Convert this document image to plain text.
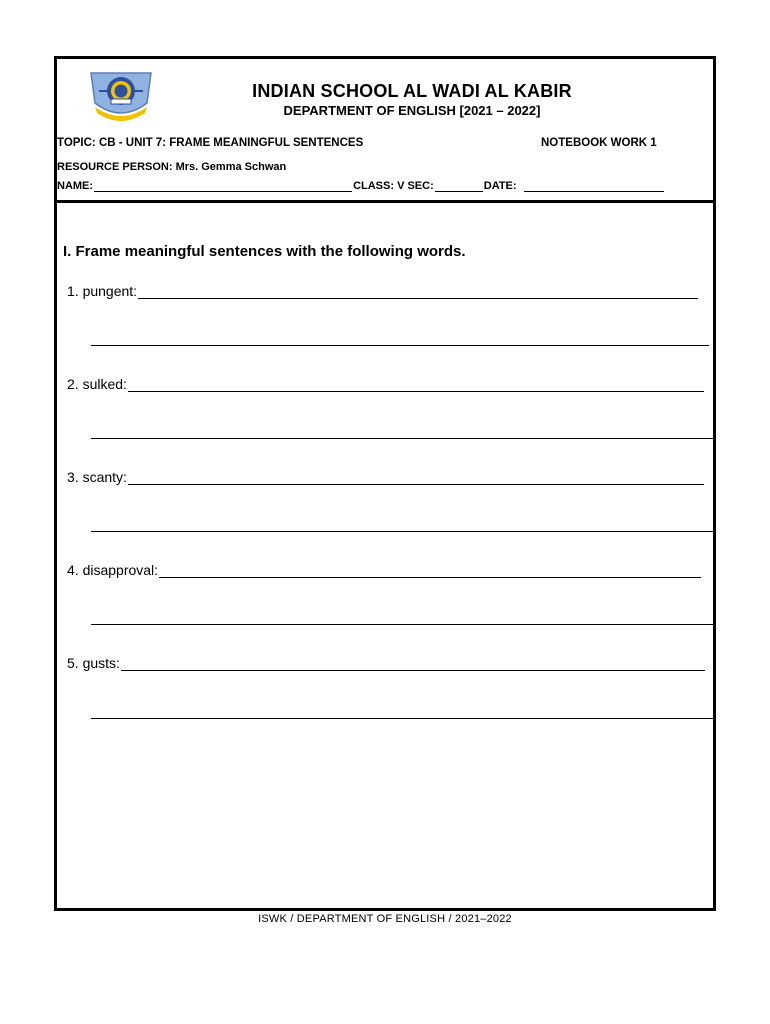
INDIAN SCHOOL AL WADI AL KABIR
DEPARTMENT OF ENGLISH [2021 – 2022]
TOPIC: CB - UNIT 7: FRAME MEANINGFUL SENTENCES	NOTEBOOK WORK 1
RESOURCE PERSON: Mrs. Gemma Schwan
NAME:	CLASS: V SEC:	DATE:
I. Frame meaningful sentences with the following words.
1. pungent:
2. sulked:
3. scanty:
4. disapproval:
5. gusts:
ISWK / DEPARTMENT OF ENGLISH / 2021–2022
